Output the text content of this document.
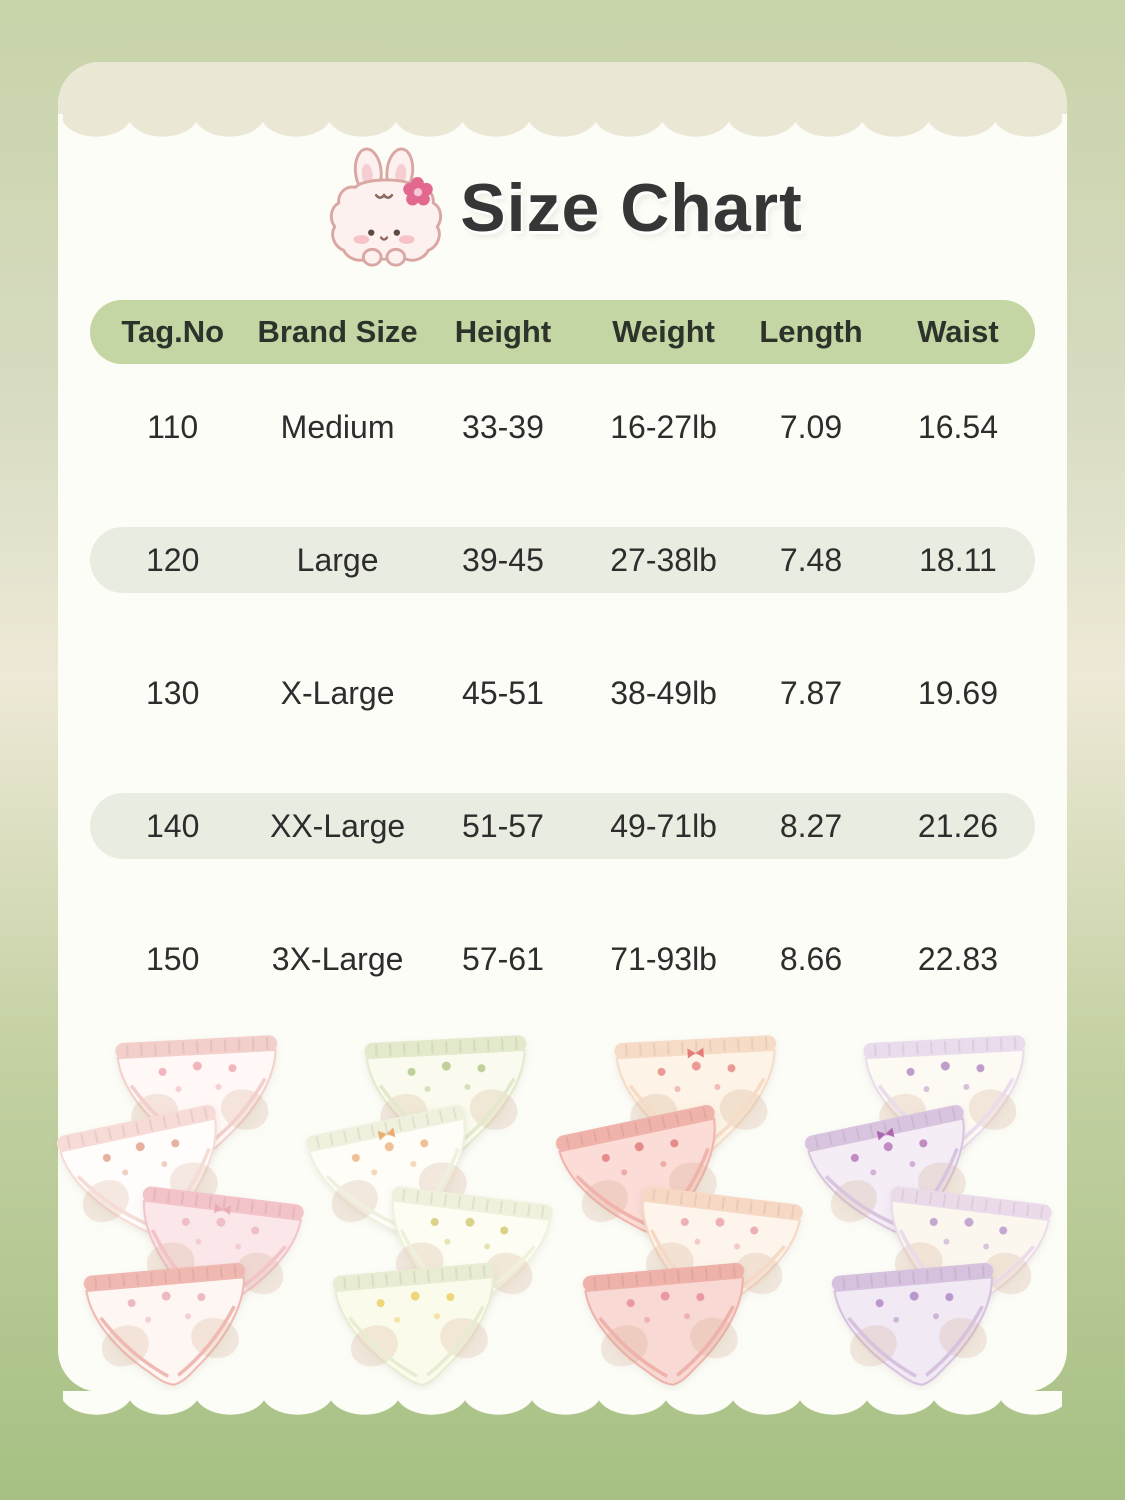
Size Chart
Tag.No	Brand Size	Height	Weight	Length	Waist
110	Medium	33-39	16-27lb	7.09	16.54
120	Large	39-45	27-38lb	7.48	18.11
130	X-Large	45-51	38-49lb	7.87	19.69
140	XX-Large	51-57	49-71lb	8.27	21.26
150	3X-Large	57-61	71-93lb	8.66	22.83
